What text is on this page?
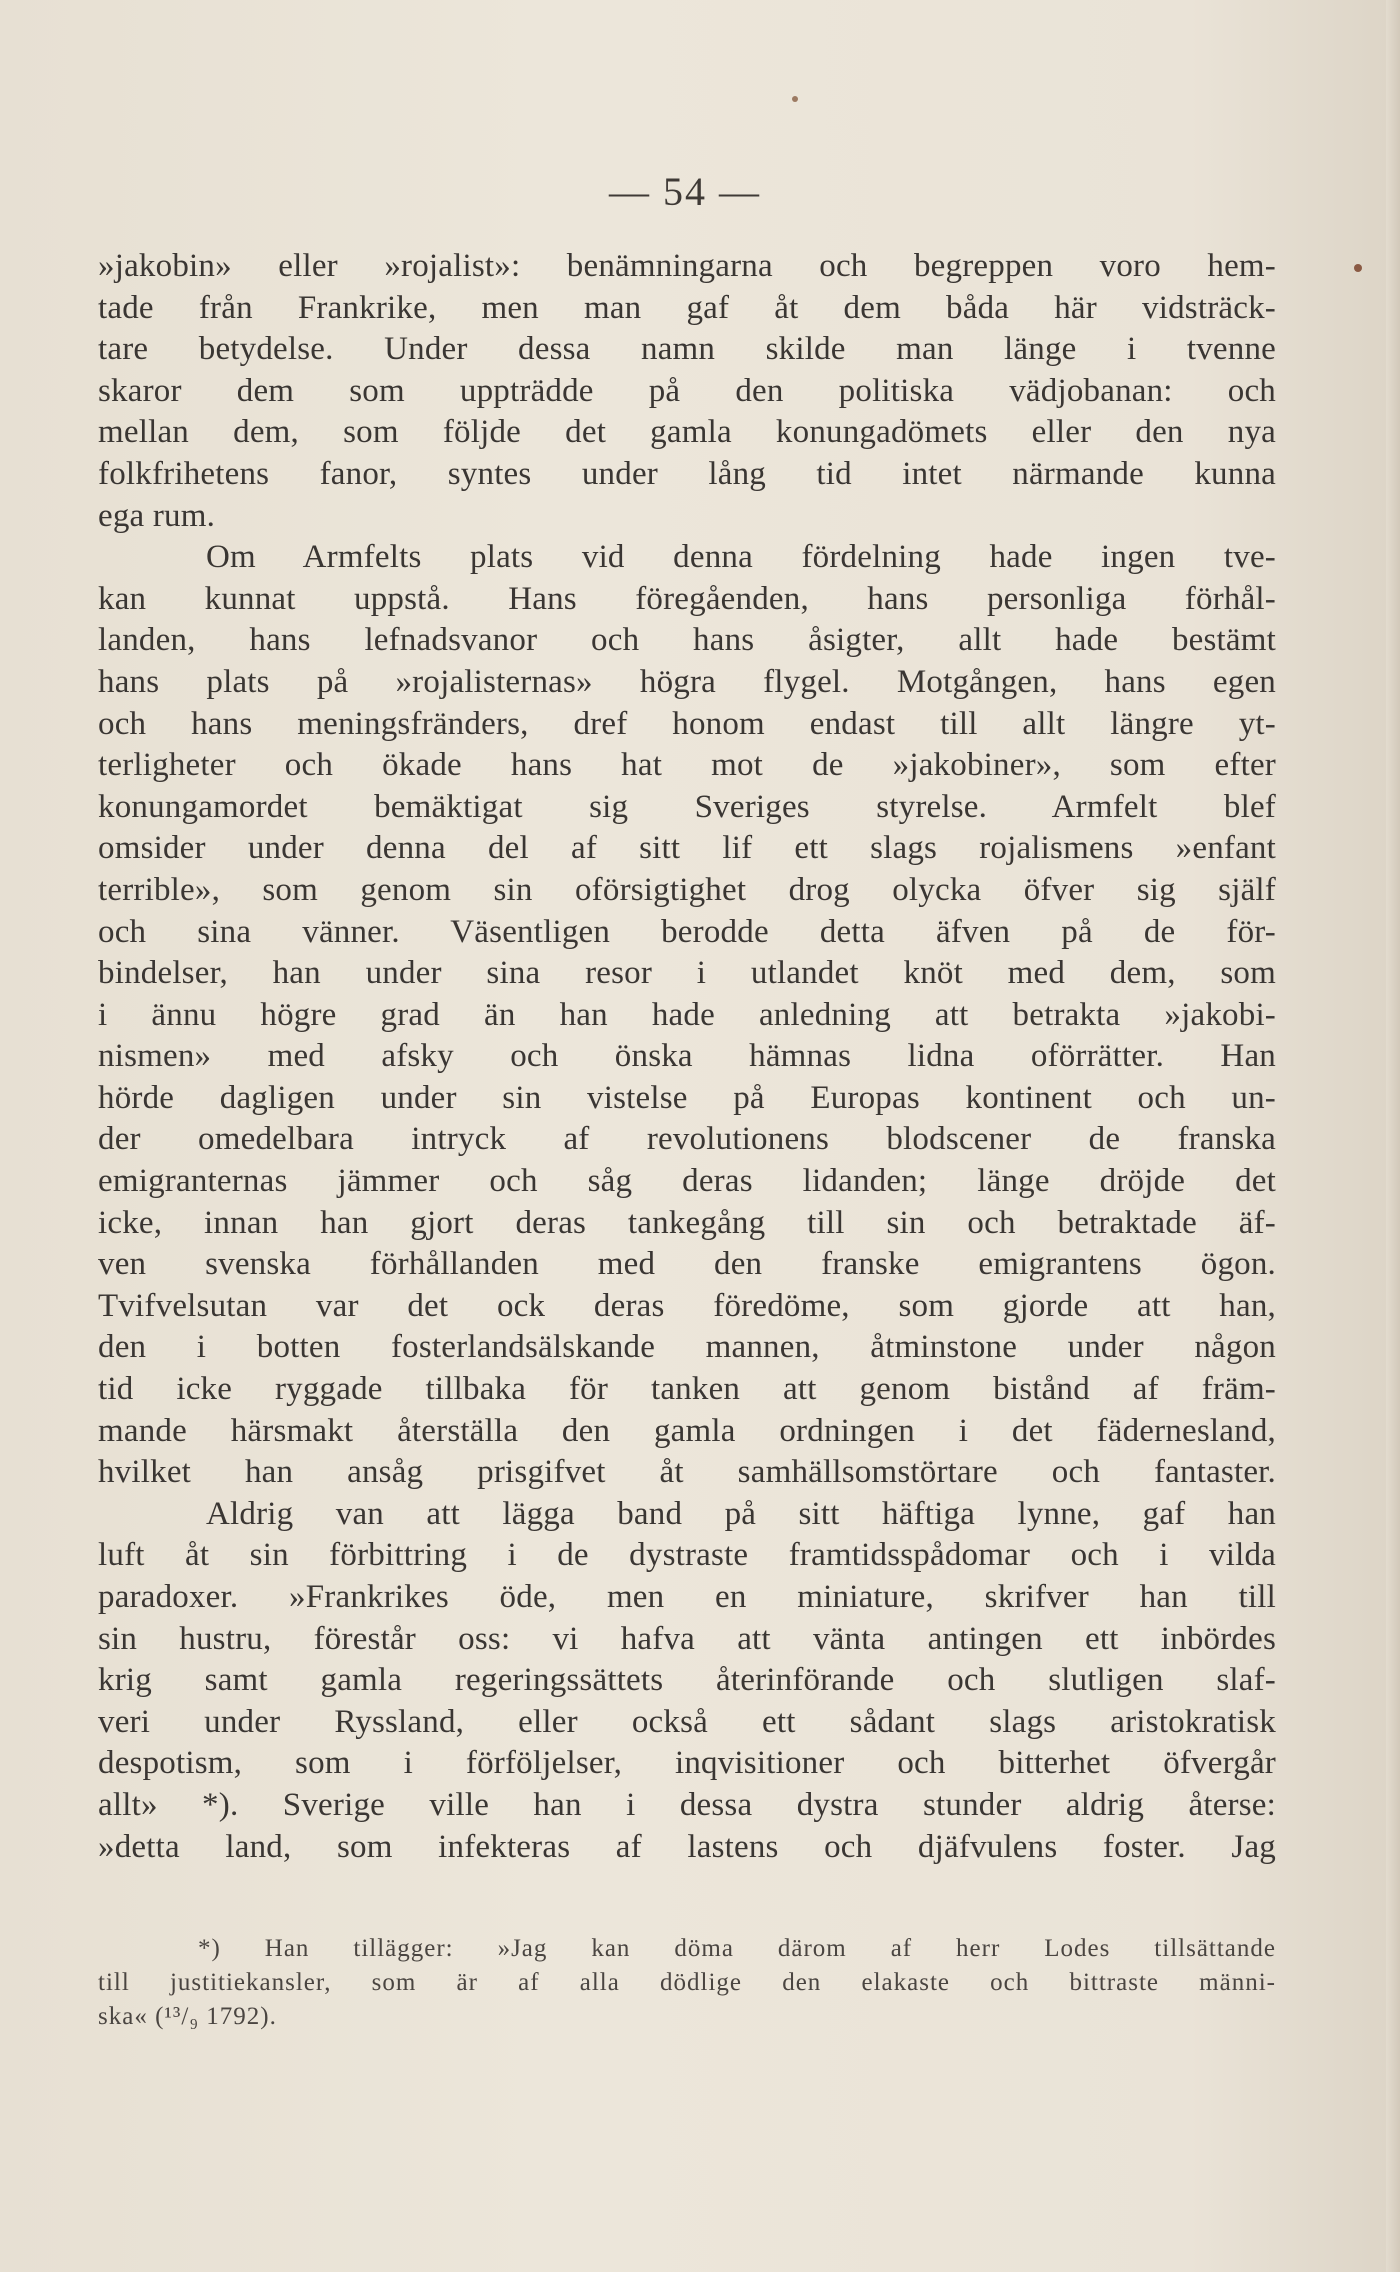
— 54 —
»jakobin» eller »rojalist»: benämningarna och begreppen voro hem-
tade från Frankrike, men man gaf åt dem båda här vidsträck-
tare betydelse. Under dessa namn skilde man länge i tvenne
skaror dem som uppträdde på den politiska vädjobanan: och
mellan dem, som följde det gamla konungadömets eller den nya
folkfrihetens fanor, syntes under lång tid intet närmande kunna
ega rum.
Om Armfelts plats vid denna fördelning hade ingen tve-
kan kunnat uppstå. Hans föregåenden, hans personliga förhål-
landen, hans lefnadsvanor och hans åsigter, allt hade bestämt
hans plats på »rojalisternas» högra flygel. Motgången, hans egen
och hans meningsfränders, dref honom endast till allt längre yt-
terligheter och ökade hans hat mot de »jakobiner», som efter
konungamordet bemäktigat sig Sveriges styrelse. Armfelt blef
omsider under denna del af sitt lif ett slags rojalismens »enfant
terrible», som genom sin oförsigtighet drog olycka öfver sig själf
och sina vänner. Väsentligen berodde detta äfven på de för-
bindelser, han under sina resor i utlandet knöt med dem, som
i ännu högre grad än han hade anledning att betrakta »jakobi-
nismen» med afsky och önska hämnas lidna oförrätter. Han
hörde dagligen under sin vistelse på Europas kontinent och un-
der omedelbara intryck af revolutionens blodscener de franska
emigranternas jämmer och såg deras lidanden; länge dröjde det
icke, innan han gjort deras tankegång till sin och betraktade äf-
ven svenska förhållanden med den franske emigrantens ögon.
Tvifvelsutan var det ock deras föredöme, som gjorde att han,
den i botten fosterlandsälskande mannen, åtminstone under någon
tid icke ryggade tillbaka för tanken att genom bistånd af främ-
mande härsmakt återställa den gamla ordningen i det fädernesland,
hvilket han ansåg prisgifvet åt samhällsomstörtare och fantaster.
Aldrig van att lägga band på sitt häftiga lynne, gaf han
luft åt sin förbittring i de dystraste framtidsspådomar och i vilda
paradoxer. »Frankrikes öde, men en miniature, skrifver han till
sin hustru, förestår oss: vi hafva att vänta antingen ett inbördes
krig samt gamla regeringssättets återinförande och slutligen slaf-
veri under Ryssland, eller också ett sådant slags aristokratisk
despotism, som i förföljelser, inqvisitioner och bitterhet öfvergår
allt» *). Sverige ville han i dessa dystra stunder aldrig återse:
»detta land, som infekteras af lastens och djäfvulens foster. Jag
*) Han tillägger: »Jag kan döma därom af herr Lodes tillsättande
till justitiekansler, som är af alla dödlige den elakaste och bittraste männi-
ska« (¹³/₉ 1792).
